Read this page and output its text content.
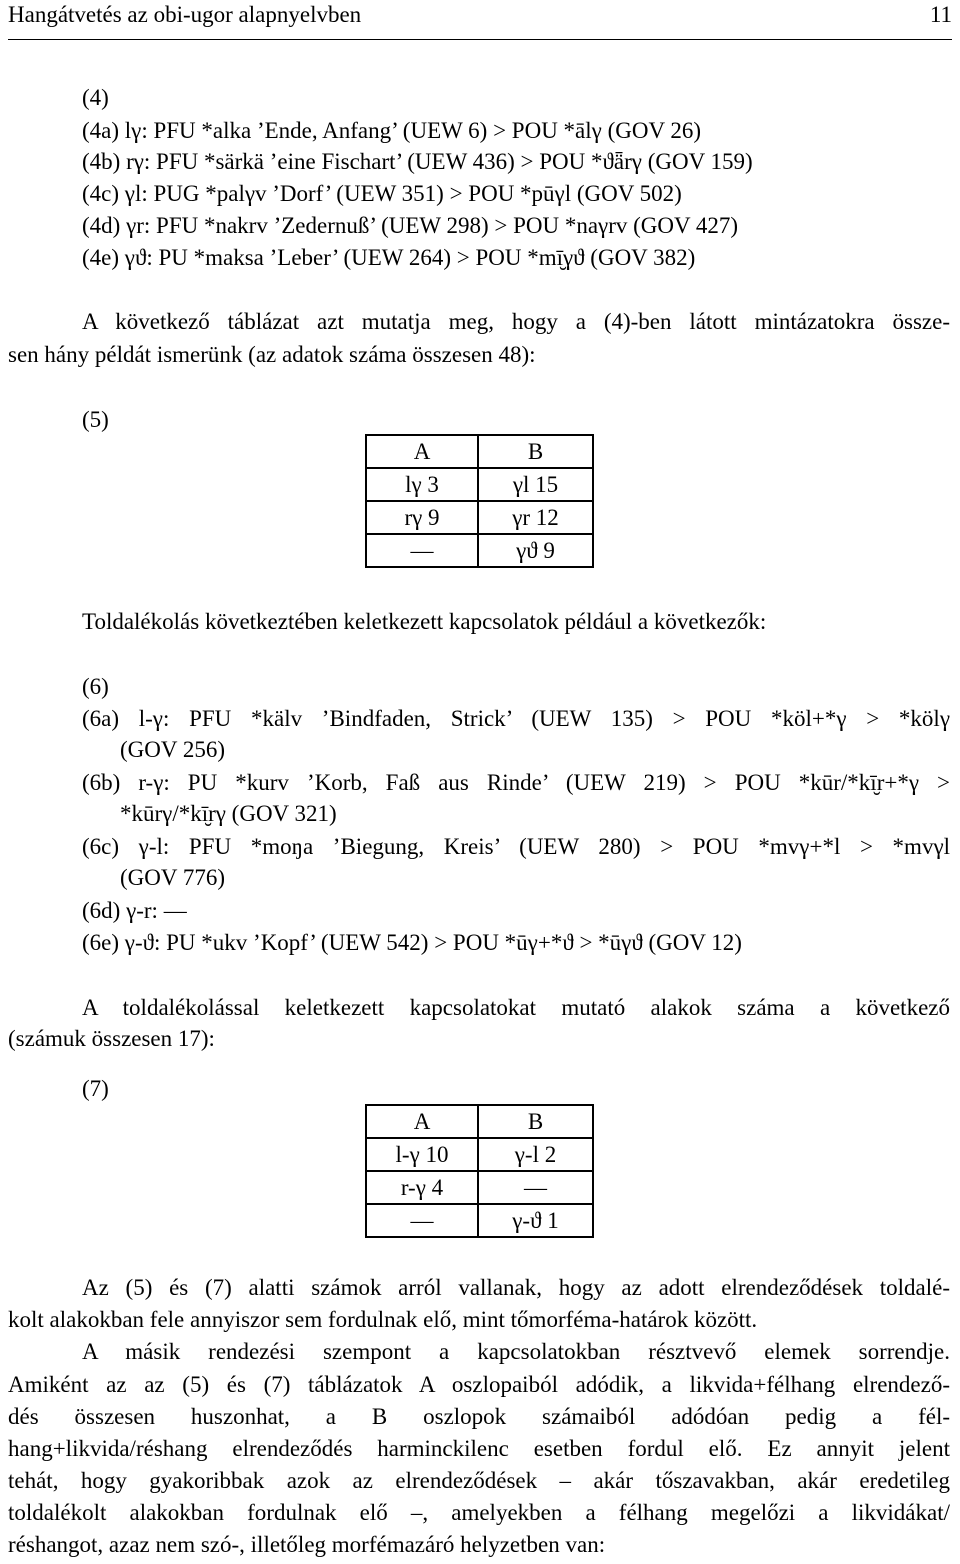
Hangátvetés az obi-ugor alapnyelvben	11
(4)
(4a) lγ: PFU *alka ’Ende, Anfang’ (UEW 6) > POU *ālγ (GOV 26)
(4b) rγ: PFU *särkä ’eine Fischart’ (UEW 436) > POU *ϑǟrγ (GOV 159)
(4c) γl: PUG *palγv ’Dorf’ (UEW 351) > POU *pūγl (GOV 502)
(4d) γr: PFU *nakrv ’Zedernuß’ (UEW 298) > POU *naγrv (GOV 427)
(4e) γϑ: PU *maksa ’Leber’ (UEW 264) > POU *mī̮γϑ (GOV 382)
A következő táblázat azt mutatja meg, hogy a (4)-ben látott mintázatokra össze-
sen hány példát ismerünk (az adatok száma összesen 48):
(5)
A	B
lγ 3	γl 15
rγ 9	γr 12
—	γϑ 9
Toldalékolás következtében keletkezett kapcsolatok például a következők:
(6)
(6a) l-γ: PFU *kälv ’Bindfaden, Strick’ (UEW 135) > POU *köl+*γ > *kölγ
(GOV 256)
(6b) r-γ: PU *kurv ’Korb, Faß aus Rinde’ (UEW 219) > POU *kūr/*kī̮r+*γ >
*kūrγ/*kī̮rγ (GOV 321)
(6c) γ-l: PFU *moŋa ’Biegung, Kreis’ (UEW 280) > POU *mvγ+*l > *mvγl
(GOV 776)
(6d) γ-r: —
(6e) γ-ϑ: PU *ukv ’Kopf’ (UEW 542) > POU *ūγ+*ϑ > *ūγϑ (GOV 12)
A toldalékolással keletkezett kapcsolatokat mutató alakok száma a következő
(számuk összesen 17):
(7)
A	B
l-γ 10	γ-l 2
r-γ 4	—
—	γ-ϑ 1
Az (5) és (7) alatti számok arról vallanak, hogy az adott elrendeződések toldalé-
kolt alakokban fele annyiszor sem fordulnak elő, mint tőmorféma-határok között.
A másik rendezési szempont a kapcsolatokban résztvevő elemek sorrendje.
Amiként az az (5) és (7) táblázatok A oszlopaiból adódik, a likvida+félhang elrendező-
dés összesen huszonhat, a B oszlopok számaiból adódóan pedig a fél-
hang+likvida/réshang elrendeződés harminckilenc esetben fordul elő. Ez annyit jelent
tehát, hogy gyakoribbak azok az elrendeződések – akár tőszavakban, akár eredetileg
toldalékolt alakokban fordulnak elő –, amelyekben a félhang megelőzi a likvidákat/
réshangot, azaz nem szó-, illetőleg morfémazáró helyzetben van:
